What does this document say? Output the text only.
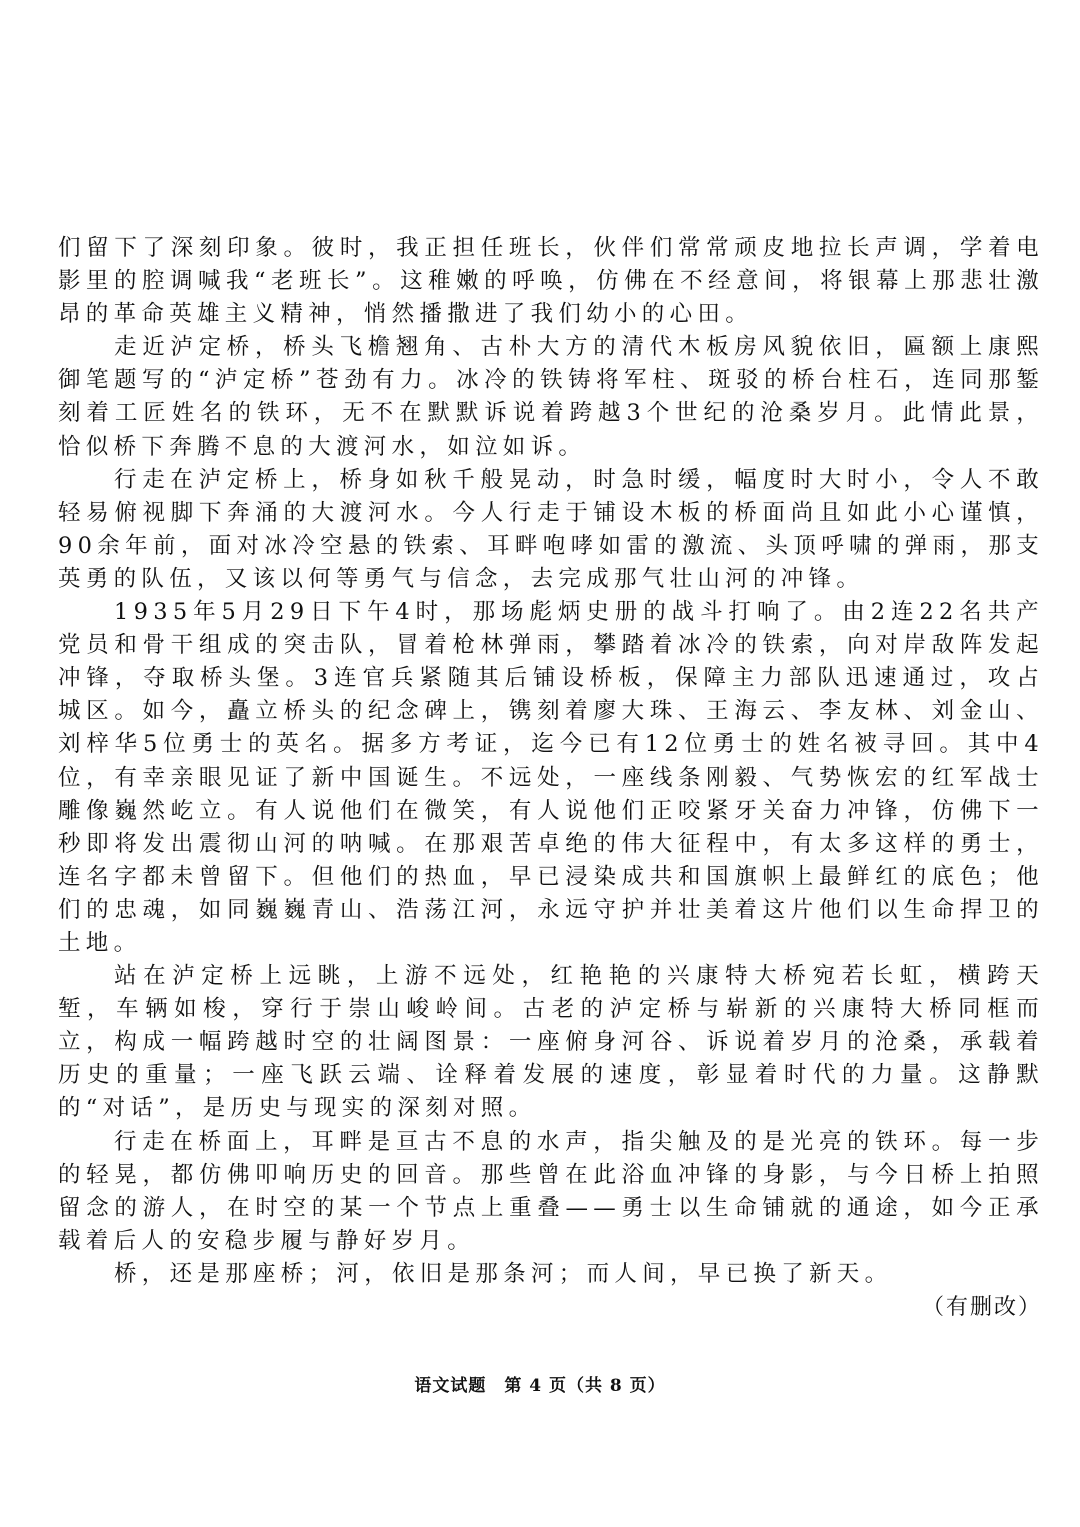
们留下了深刻印象。彼时，我正担任班长，伙伴们常常顽皮地拉长声调，学着电影里的腔调喊我“老班长”。这稚嫩的呼唤，仿佛在不经意间，将银幕上那悲壮激昂的革命英雄主义精神，悄然播撒进了我们幼小的心田。

走近泸定桥，桥头飞檐翘角、古朴大方的清代木板房风貌依旧，匾额上康熙御笔题写的“泸定桥”苍劲有力。冰冷的铁铸将军柱、斑驳的桥台柱石，连同那錾刻着工匠姓名的铁环，无不在默默诉说着跨越3个世纪的沧桑岁月。此情此景，恰似桥下奔腾不息的大渡河水，如泣如诉。

行走在泸定桥上，桥身如秋千般晃动，时急时缓，幅度时大时小，令人不敢轻易俯视脚下奔涌的大渡河水。今人行走于铺设木板的桥面尚且如此小心谨慎，90余年前，面对冰冷空悬的铁索、耳畔咆哮如雷的激流、头顶呼啸的弹雨，那支英勇的队伍，又该以何等勇气与信念，去完成那气壮山河的冲锋。

1935年5月29日下午4时，那场彪炳史册的战斗打响了。由2连22名共产党员和骨干组成的突击队，冒着枪林弹雨，攀踏着冰冷的铁索，向对岸敌阵发起冲锋，夺取桥头堡。3连官兵紧随其后铺设桥板，保障主力部队迅速通过，攻占城区。如今，矗立桥头的纪念碑上，镌刻着廖大珠、王海云、李友林、刘金山、刘梓华5位勇士的英名。据多方考证，迄今已有12位勇士的姓名被寻回。其中4位，有幸亲眼见证了新中国诞生。不远处，一座线条刚毅、气势恢宏的红军战士雕像巍然屹立。有人说他们在微笑，有人说他们正咬紧牙关奋力冲锋，仿佛下一秒即将发出震彻山河的呐喊。在那艰苦卓绝的伟大征程中，有太多这样的勇士，连名字都未曾留下。但他们的热血，早已浸染成共和国旗帜上最鲜红的底色；他们的忠魂，如同巍巍青山、浩荡江河，永远守护并壮美着这片他们以生命捍卫的土地。

站在泸定桥上远眺，上游不远处，红艳艳的兴康特大桥宛若长虹，横跨天堑，车辆如梭，穿行于崇山峻岭间。古老的泸定桥与崭新的兴康特大桥同框而立，构成一幅跨越时空的壮阔图景：一座俯身河谷、诉说着岁月的沧桑，承载着历史的重量；一座飞跃云端、诠释着发展的速度，彰显着时代的力量。这静默的“对话”，是历史与现实的深刻对照。

行走在桥面上，耳畔是亘古不息的水声，指尖触及的是光亮的铁环。每一步的轻晃，都仿佛叩响历史的回音。那些曾在此浴血冲锋的身影，与今日桥上拍照留念的游人，在时空的某一个节点上重叠——勇士以生命铺就的通途，如今正承载着后人的安稳步履与静好岁月。

桥，还是那座桥；河，依旧是那条河；而人间，早已换了新天。

（有删改）

语文试题　第 4 页（共 8 页）
